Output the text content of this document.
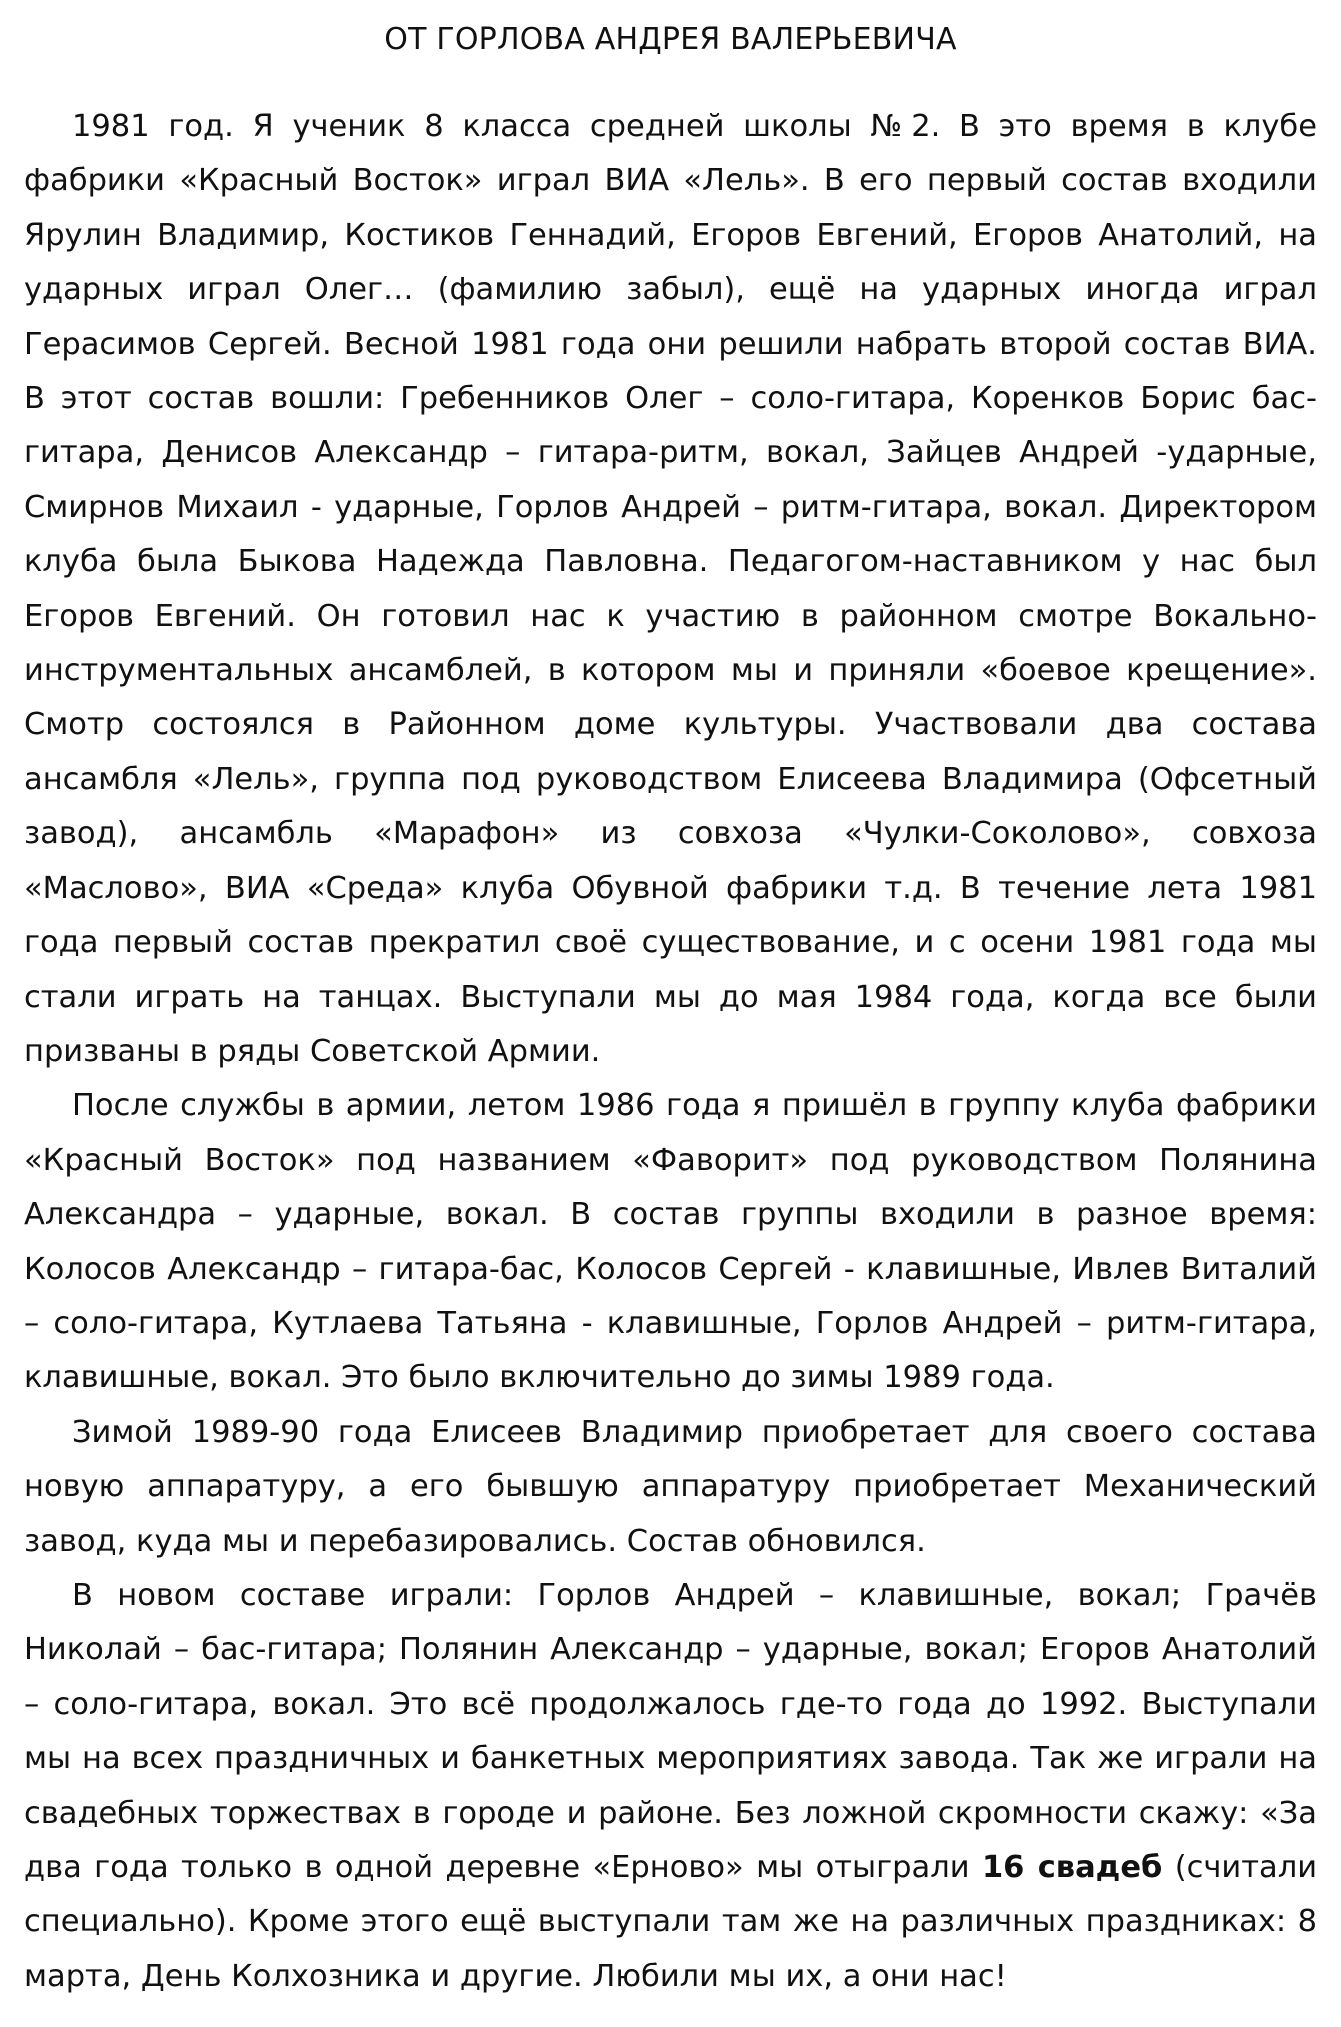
ОТ ГОРЛОВА АНДРЕЯ ВАЛЕРЬЕВИЧА

1981 год. Я ученик 8 класса средней школы №2. В это время в клубе фабрики «Красный Восток» играл ВИА «Лель». В его первый состав входили Ярулин Владимир, Костиков Геннадий, Егоров Евгений, Егоров Анатолий, на ударных играл Олег… (фамилию забыл), ещё на ударных иногда играл Герасимов Сергей. Весной 1981 года они решили набрать второй состав ВИА. В этот состав вошли: Гребенников Олег – соло-гитара, Коренков Борис бас-гитара, Денисов Александр – гитара-ритм, вокал, Зайцев Андрей -ударные, Смирнов Михаил - ударные, Горлов Андрей – ритм-гитара, вокал. Директором клуба была Быкова Надежда Павловна. Педагогом-наставником у нас был Егоров Евгений. Он готовил нас к участию в районном смотре Вокально-инструментальных ансамблей, в котором мы и приняли «боевое крещение». Смотр состоялся в Районном доме культуры. Участвовали два состава ансамбля «Лель», группа под руководством Елисеева Владимира (Офсетный завод), ансамбль «Марафон» из совхоза «Чулки-Соколово», совхоза «Маслово», ВИА «Среда» клуба Обувной фабрики т.д. В течение лета 1981 года первый состав прекратил своё существование, и с осени 1981 года мы стали играть на танцах. Выступали мы до мая 1984 года, когда все были призваны в ряды Советской Армии.

После службы в армии, летом 1986 года я пришёл в группу клуба фабрики «Красный Восток» под названием «Фаворит» под руководством Полянина Александра – ударные, вокал. В состав группы входили в разное время: Колосов Александр – гитара-бас, Колосов Сергей - клавишные, Ивлев Виталий – соло-гитара, Кутлаева Татьяна - клавишные, Горлов Андрей – ритм-гитара, клавишные, вокал. Это было включительно до зимы 1989 года.

Зимой 1989-90 года Елисеев Владимир приобретает для своего состава новую аппаратуру, а его бывшую аппаратуру приобретает Механический завод, куда мы и перебазировались. Состав обновился.

В новом составе играли: Горлов Андрей – клавишные, вокал; Грачёв Николай – бас-гитара; Полянин Александр – ударные, вокал; Егоров Анатолий – соло-гитара, вокал. Это всё продолжалось где-то года до 1992. Выступали мы на всех праздничных и банкетных мероприятиях завода. Так же играли на свадебных торжествах в городе и районе. Без ложной скромности скажу: «За два года только в одной деревне «Ерново» мы отыграли 16 свадеб (считали специально). Кроме этого ещё выступали там же на различных праздниках: 8 марта, День Колхозника и другие. Любили мы их, а они нас!
